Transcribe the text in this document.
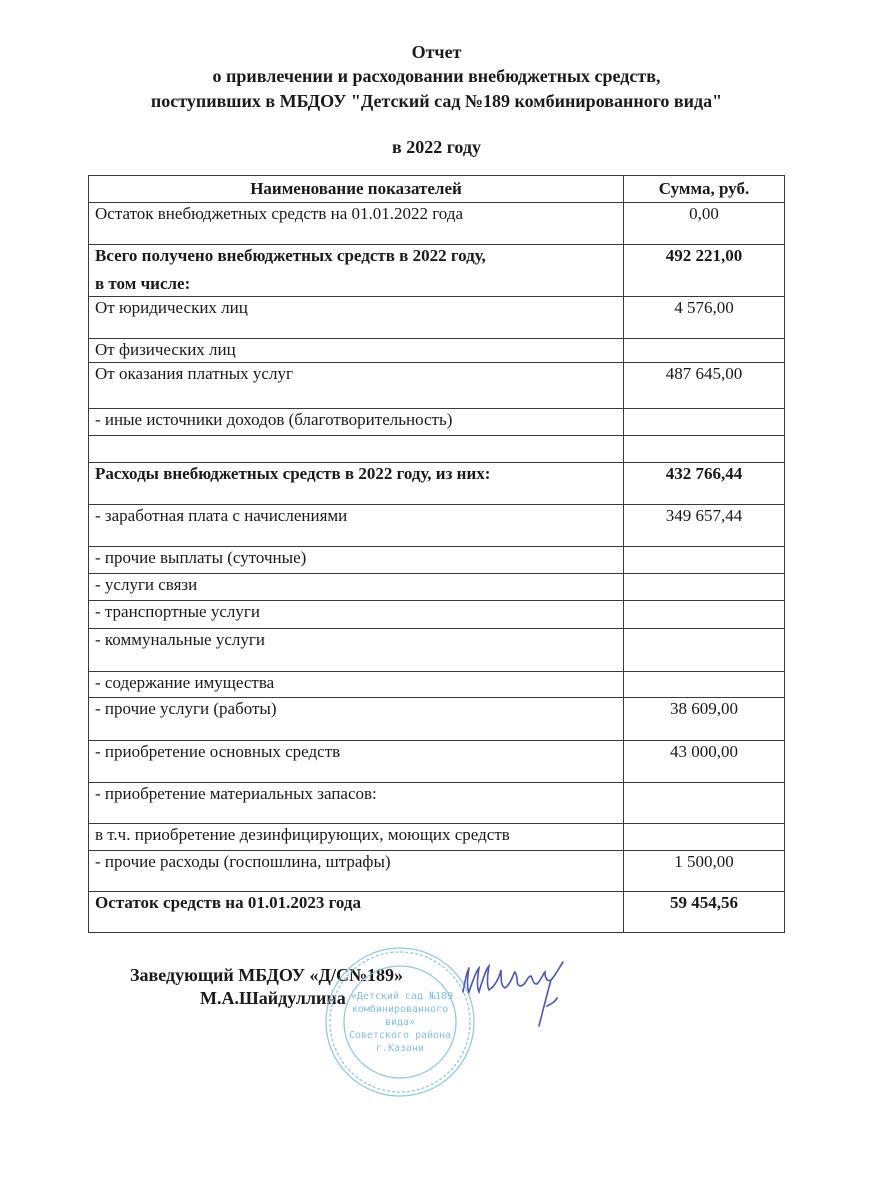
Отчет
о привлечении и расходовании внебюджетных средств,
поступивших в МБДОУ "Детский сад №189 комбинированного вида"
в 2022 году
Наименование показателей	Сумма, руб.

Остаток внебюджетных средств на 01.01.2022 года	0,00

Всего получено внебюджетных средств в 2022 году,
в том числе:	492 221,00

От юридических лиц	4 576,00

От физических лиц	

От оказания платных услуг	487 645,00

- иные источники доходов (благотворительность)	

Расходы внебюджетных средств в 2022 году, из них:	432 766,44

- заработная плата с начислениями	349 657,44

- прочие выплаты (суточные)	

- услуги связи	

- транспортные услуги	

- коммунальные услуги	

- содержание имущества	

- прочие услуги (работы)	38 609,00

- приобретение основных средств	43 000,00

- приобретение материальных запасов:	

в т.ч. приобретение дезинфицирующих, моющих средств	

- прочие расходы (госпошлина, штрафы)	1 500,00

Остаток средств на 01.01.2023 года	59 454,56
Заведующий МБДОУ «Д/С№189»
М.А.Шайдуллина «Детский сад №189
комбинированного
вида»
Советского района
г.Казани
